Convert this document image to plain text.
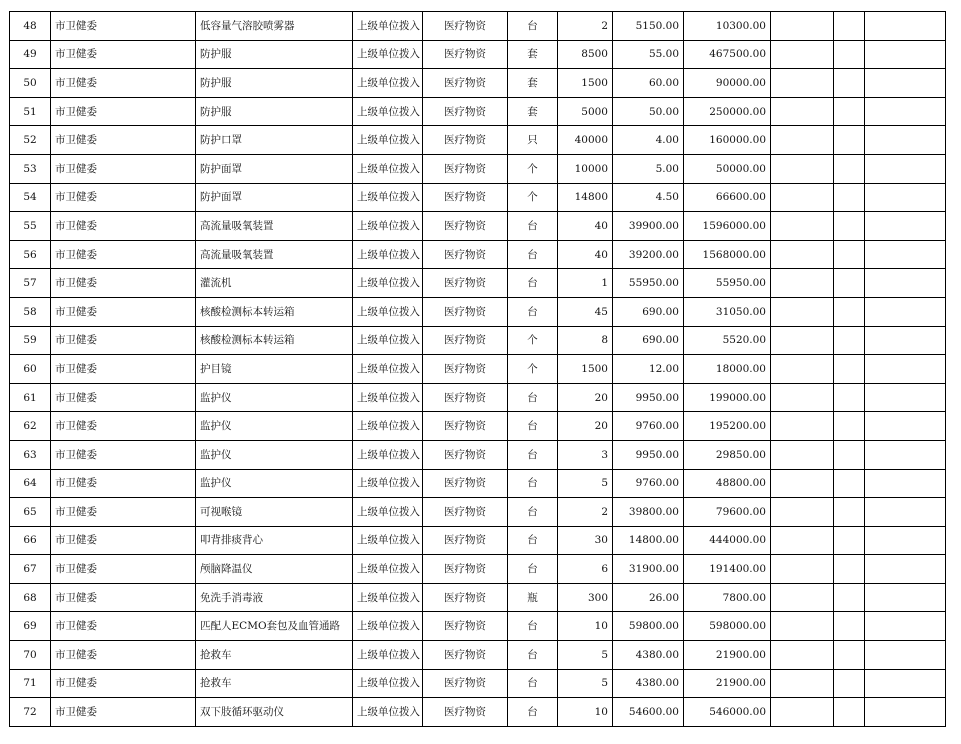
48	市卫健委	低容量气溶胶喷雾器	上级单位拨入	医疗物资	台	2	5150.00	10300.00			
49	市卫健委	防护服	上级单位拨入	医疗物资	套	8500	55.00	467500.00			
50	市卫健委	防护服	上级单位拨入	医疗物资	套	1500	60.00	90000.00			
51	市卫健委	防护服	上级单位拨入	医疗物资	套	5000	50.00	250000.00			
52	市卫健委	防护口罩	上级单位拨入	医疗物资	只	40000	4.00	160000.00			
53	市卫健委	防护面罩	上级单位拨入	医疗物资	个	10000	5.00	50000.00			
54	市卫健委	防护面罩	上级单位拨入	医疗物资	个	14800	4.50	66600.00			
55	市卫健委	高流量吸氧装置	上级单位拨入	医疗物资	台	40	39900.00	1596000.00			
56	市卫健委	高流量吸氧装置	上级单位拨入	医疗物资	台	40	39200.00	1568000.00			
57	市卫健委	灌流机	上级单位拨入	医疗物资	台	1	55950.00	55950.00			
58	市卫健委	核酸检测标本转运箱	上级单位拨入	医疗物资	台	45	690.00	31050.00			
59	市卫健委	核酸检测标本转运箱	上级单位拨入	医疗物资	个	8	690.00	5520.00			
60	市卫健委	护目镜	上级单位拨入	医疗物资	个	1500	12.00	18000.00			
61	市卫健委	监护仪	上级单位拨入	医疗物资	台	20	9950.00	199000.00			
62	市卫健委	监护仪	上级单位拨入	医疗物资	台	20	9760.00	195200.00			
63	市卫健委	监护仪	上级单位拨入	医疗物资	台	3	9950.00	29850.00			
64	市卫健委	监护仪	上级单位拨入	医疗物资	台	5	9760.00	48800.00			
65	市卫健委	可视喉镜	上级单位拨入	医疗物资	台	2	39800.00	79600.00			
66	市卫健委	叩背排痰背心	上级单位拨入	医疗物资	台	30	14800.00	444000.00			
67	市卫健委	颅脑降温仪	上级单位拨入	医疗物资	台	6	31900.00	191400.00			
68	市卫健委	免洗手消毒液	上级单位拨入	医疗物资	瓶	300	26.00	7800.00			
69	市卫健委	匹配人ECMO套包及血管通路	上级单位拨入	医疗物资	台	10	59800.00	598000.00			
70	市卫健委	抢救车	上级单位拨入	医疗物资	台	5	4380.00	21900.00			
71	市卫健委	抢救车	上级单位拨入	医疗物资	台	5	4380.00	21900.00			
72	市卫健委	双下肢循环驱动仪	上级单位拨入	医疗物资	台	10	54600.00	546000.00			
